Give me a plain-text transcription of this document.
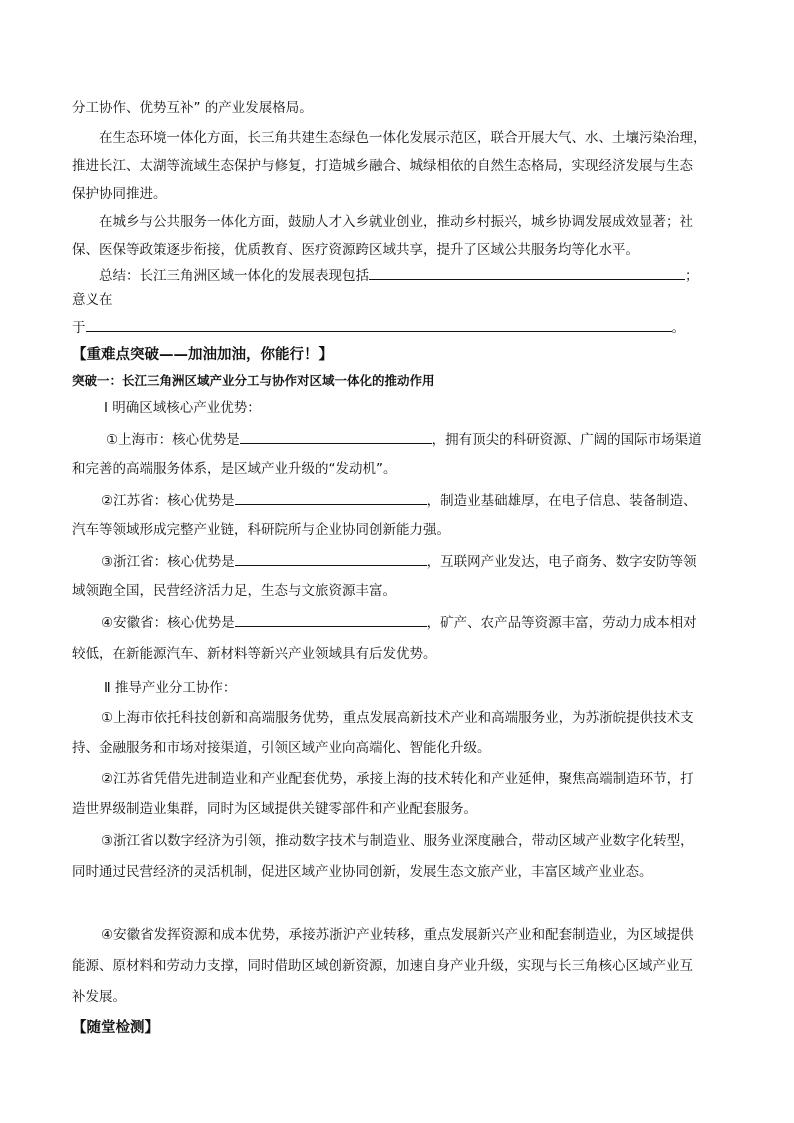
分工协作、优势互补” 的产业发展格局。

在生态环境一体化方面，长三角共建生态绿色一体化发展示范区，联合开展大气、水、土壤污染治理，

推进长江、太湖等流域生态保护与修复，打造城乡融合、城绿相依的自然生态格局，实现经济发展与生态

保护协同推进。

在城乡与公共服务一体化方面，鼓励人才入乡就业创业，推动乡村振兴，城乡协调发展成效显著；社

保、医保等政策逐步衔接，优质教育、医疗资源跨区域共享，提升了区域公共服务均等化水平。

总结：长江三角洲区域一体化的发展表现包括	；

意义在

于	。

【重难点突破——加油加油，你能行！】

突破一：长江三角洲区域产业分工与协作对区域一体化的推动作用

Ⅰ 明确区域核心产业优势：

①上海市：核心优势是	，拥有顶尖的科研资源、广阔的国际市场渠道

和完善的高端服务体系，是区域产业升级的“发动机”。

②江苏省：核心优势是	，制造业基础雄厚，在电子信息、装备制造、

汽车等领域形成完整产业链，科研院所与企业协同创新能力强。

③浙江省：核心优势是	，互联网产业发达，电子商务、数字安防等领

域领跑全国，民营经济活力足，生态与文旅资源丰富。

④安徽省：核心优势是	，矿产、农产品等资源丰富，劳动力成本相对

较低，在新能源汽车、新材料等新兴产业领域具有后发优势。

Ⅱ 推导产业分工协作：

①上海市依托科技创新和高端服务优势，重点发展高新技术产业和高端服务业，为苏浙皖提供技术支

持、金融服务和市场对接渠道，引领区域产业向高端化、智能化升级。

②江苏省凭借先进制造业和产业配套优势，承接上海的技术转化和产业延伸，聚焦高端制造环节，打

造世界级制造业集群，同时为区域提供关键零部件和产业配套服务。

③浙江省以数字经济为引领，推动数字技术与制造业、服务业深度融合，带动区域产业数字化转型，

同时通过民营经济的灵活机制，促进区域产业协同创新，发展生态文旅产业，丰富区域产业业态。

④安徽省发挥资源和成本优势，承接苏浙沪产业转移，重点发展新兴产业和配套制造业，为区域提供

能源、原材料和劳动力支撑，同时借助区域创新资源，加速自身产业升级，实现与长三角核心区域产业互

补发展。

【随堂检测】
